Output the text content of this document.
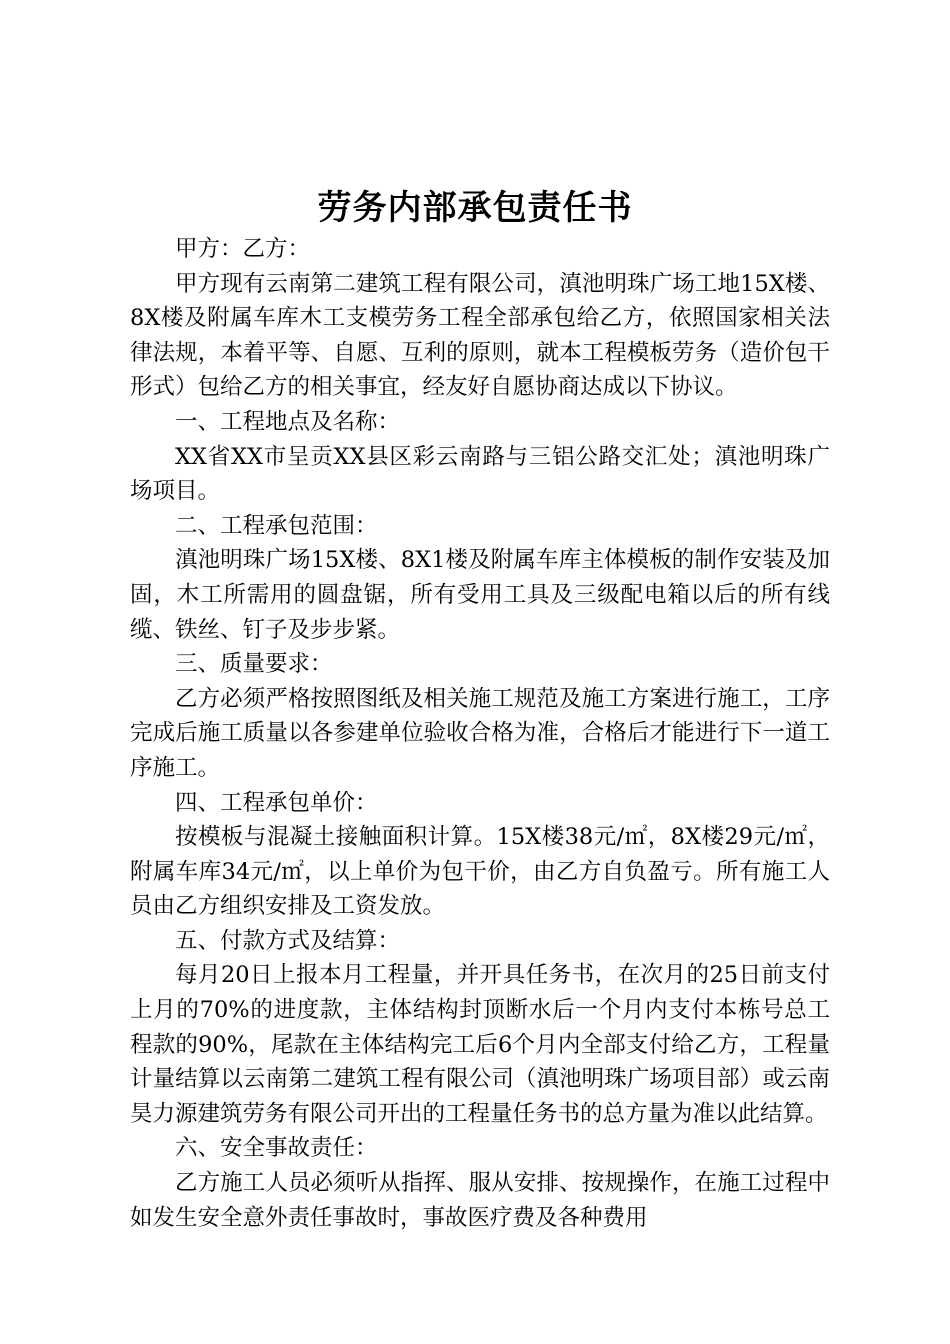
劳务内部承包责任书

甲方：乙方：

甲方现有云南第二建筑工程有限公司，滇池明珠广场工地15X楼、8X楼及附属车库木工支模劳务工程全部承包给乙方，依照国家相关法律法规，本着平等、自愿、互利的原则，就本工程模板劳务（造价包干形式）包给乙方的相关事宜，经友好自愿协商达成以下协议。

一、工程地点及名称：

XX省XX市呈贡XX县区彩云南路与三铝公路交汇处；滇池明珠广场项目。

二、工程承包范围：

滇池明珠广场15X楼、8X1楼及附属车库主体模板的制作安装及加固，木工所需用的圆盘锯，所有受用工具及三级配电箱以后的所有线缆、铁丝、钉子及步步紧。

三、质量要求：

乙方必须严格按照图纸及相关施工规范及施工方案进行施工，工序完成后施工质量以各参建单位验收合格为准，合格后才能进行下一道工序施工。

四、工程承包单价：

按模板与混凝土接触面积计算。15X楼38元/㎡，8X楼29元/㎡，附属车库34元/㎡，以上单价为包干价，由乙方自负盈亏。所有施工人员由乙方组织安排及工资发放。

五、付款方式及结算：

每月20日上报本月工程量，并开具任务书，在次月的25日前支付上月的70%的进度款，主体结构封顶断水后一个月内支付本栋号总工程款的90%，尾款在主体结构完工后6个月内全部支付给乙方，工程量计量结算以云南第二建筑工程有限公司（滇池明珠广场项目部）或云南昊力源建筑劳务有限公司开出的工程量任务书的总方量为准以此结算。

六、安全事故责任：

乙方施工人员必须听从指挥、服从安排、按规操作，在施工过程中如发生安全意外责任事故时，事故医疗费及各种费用
